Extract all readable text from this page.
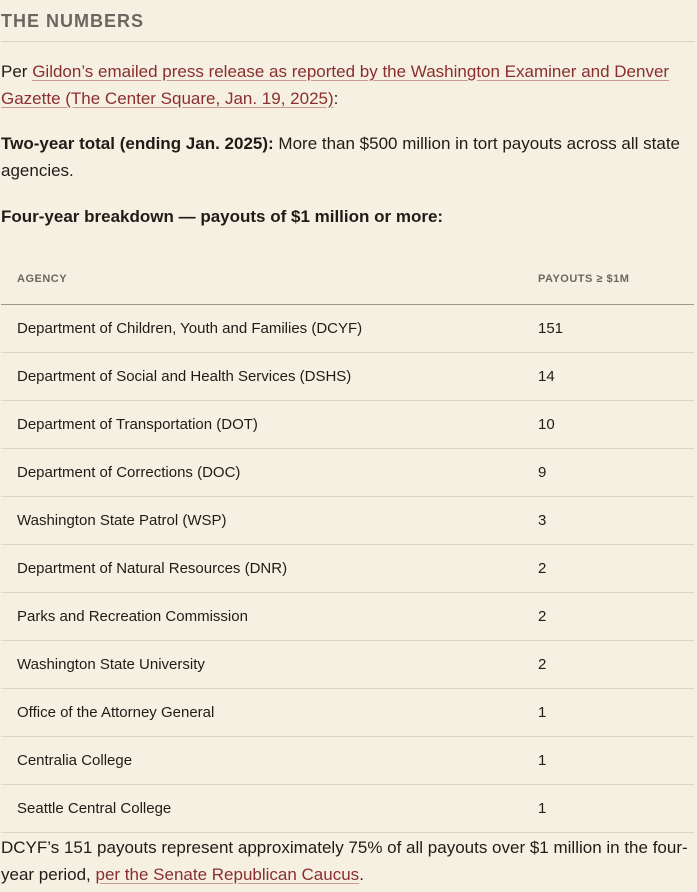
THE NUMBERS

Per Gildon’s emailed press release as reported by the Washington Examiner and Denver Gazette (The Center Square, Jan. 19, 2025):

Two-year total (ending Jan. 2025): More than $500 million in tort payouts across all state agencies.

Four-year breakdown — payouts of $1 million or more:

AGENCY	PAYOUTS ≥ $1M
Department of Children, Youth and Families (DCYF)	151
Department of Social and Health Services (DSHS)	14
Department of Transportation (DOT)	10
Department of Corrections (DOC)	9
Washington State Patrol (WSP)	3
Department of Natural Resources (DNR)	2
Parks and Recreation Commission	2
Washington State University	2
Office of the Attorney General	1
Centralia College	1
Seattle Central College	1

DCYF’s 151 payouts represent approximately 75% of all payouts over $1 million in the four-year period, per the Senate Republican Caucus.
